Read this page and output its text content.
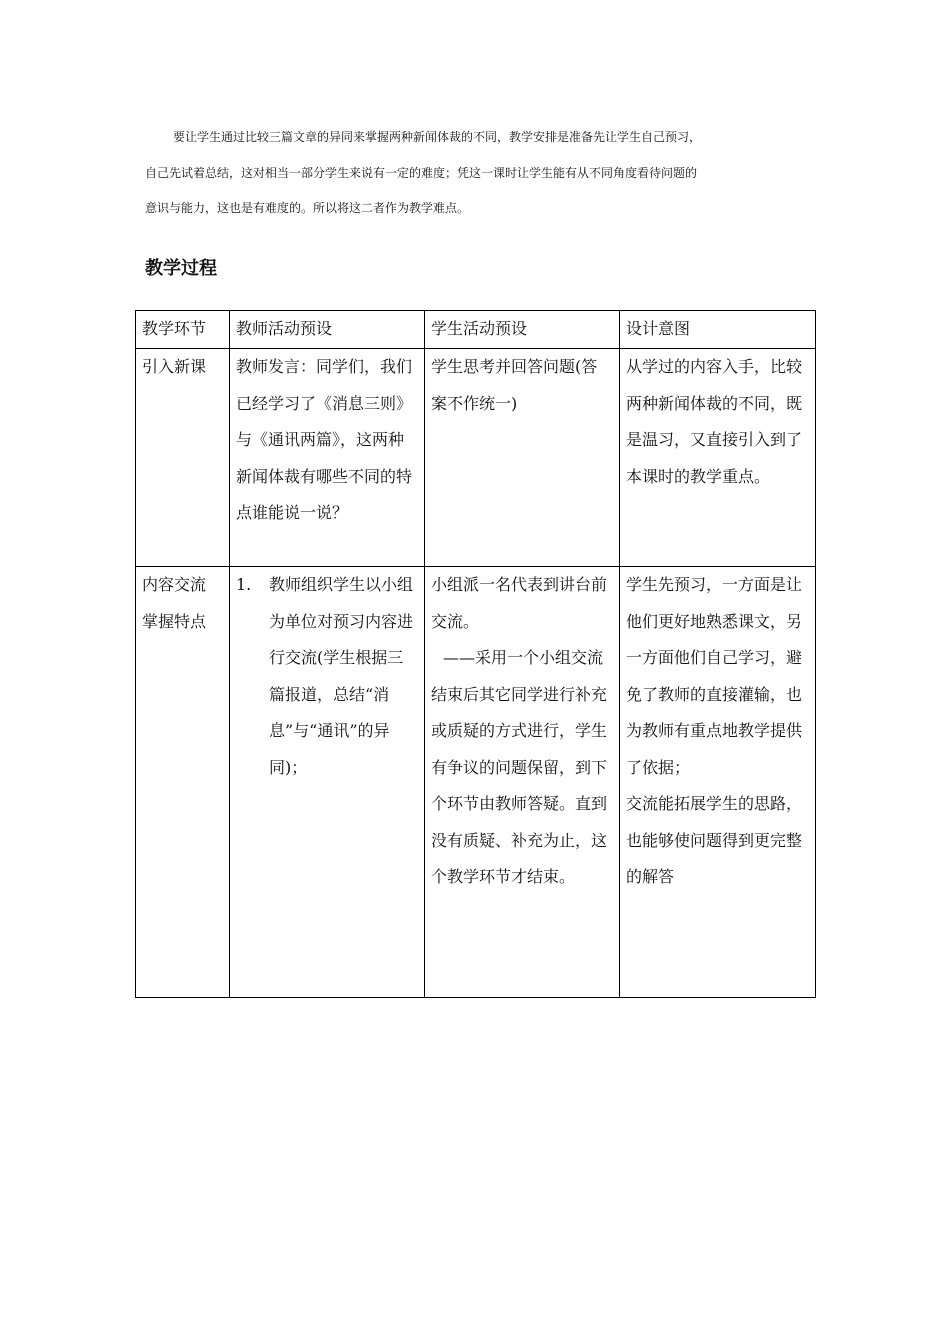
要让学生通过比较三篇文章的异同来掌握两种新闻体裁的不同，教学安排是准备先让学生自己预习，
自己先试着总结，这对相当一部分学生来说有一定的难度；凭这一课时让学生能有从不同角度看待问题的
意识与能力，这也是有难度的。所以将这二者作为教学难点。
教学过程
教学环节	教师活动预设	学生活动预设	设计意图

引入新课	教师发言：同学们，我们已经学习了《消息三则》与《通讯两篇》，这两种新闻体裁有哪些不同的特点谁能说一说？	学生思考并回答问题(答案不作统一)	从学过的内容入手，比较两种新闻体裁的不同，既是温习，又直接引入到了本课时的教学重点。

内容交流
掌握特点	1. 教师组织学生以小组为单位对预习内容进行交流(学生根据三篇报道，总结“消息”与“通讯”的异同)；	小组派一名代表到讲台前交流。
——采用一个小组交流结束后其它同学进行补充或质疑的方式进行，学生有争议的问题保留，到下个环节由教师答疑。直到没有质疑、补充为止，这个教学环节才结束。	学生先预习，一方面是让他们更好地熟悉课文，另一方面他们自己学习，避免了教师的直接灌输，也为教师有重点地教学提供了依据；
交流能拓展学生的思路，也能够使问题得到更完整的解答
